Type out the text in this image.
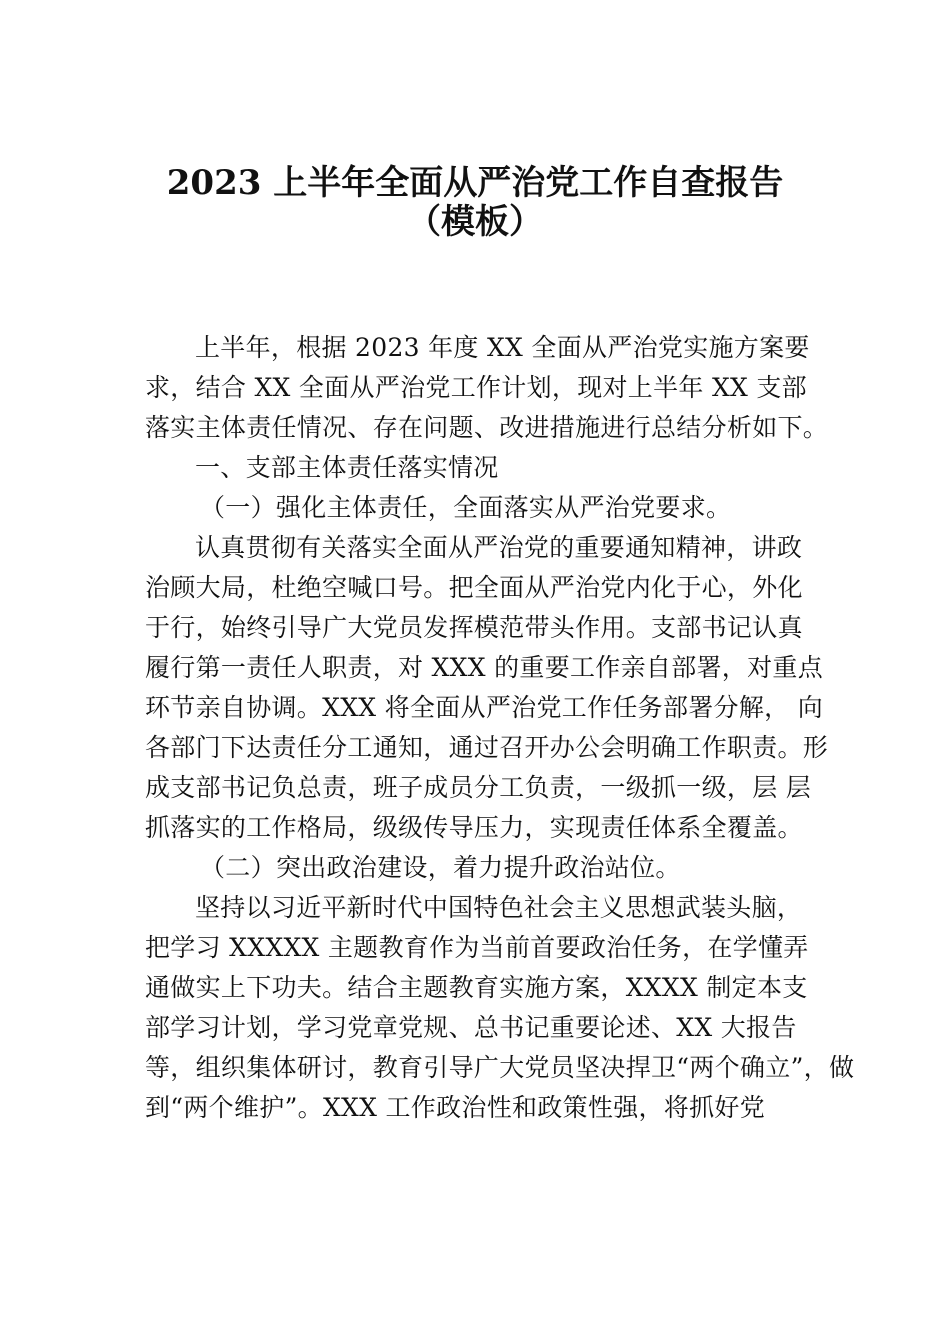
2023 上半年全面从严治党工作自查报告
（模板）
上半年，根据 2023 年度 XX 全面从严治党实施方案要
求，结合 XX 全面从严治党工作计划，现对上半年 XX 支部
落实主体责任情况、存在问题、改进措施进行总结分析如下。
一、支部主体责任落实情况
（一）强化主体责任，全面落实从严治党要求。
认真贯彻有关落实全面从严治党的重要通知精神，讲政
治顾大局，杜绝空喊口号。把全面从严治党内化于心，外化
于行，始终引导广大党员发挥模范带头作用。支部书记认真
履行第一责任人职责，对 XXX 的重要工作亲自部署，对重点
环节亲自协调。XXX 将全面从严治党工作任务部署分解， 向
各部门下达责任分工通知，通过召开办公会明确工作职责。形
成支部书记负总责，班子成员分工负责，一级抓一级，层 层
抓落实的工作格局，级级传导压力，实现责任体系全覆盖。
（二）突出政治建设，着力提升政治站位。
坚持以习近平新时代中国特色社会主义思想武装头脑，
把学习 XXXXX 主题教育作为当前首要政治任务，在学懂弄
通做实上下功夫。结合主题教育实施方案，XXXX 制定本支
部学习计划，学习党章党规、总书记重要论述、XX 大报告
等，组织集体研讨，教育引导广大党员坚决捍卫“两个确立”，做
到“两个维护”。XXX 工作政治性和政策性强，将抓好党
